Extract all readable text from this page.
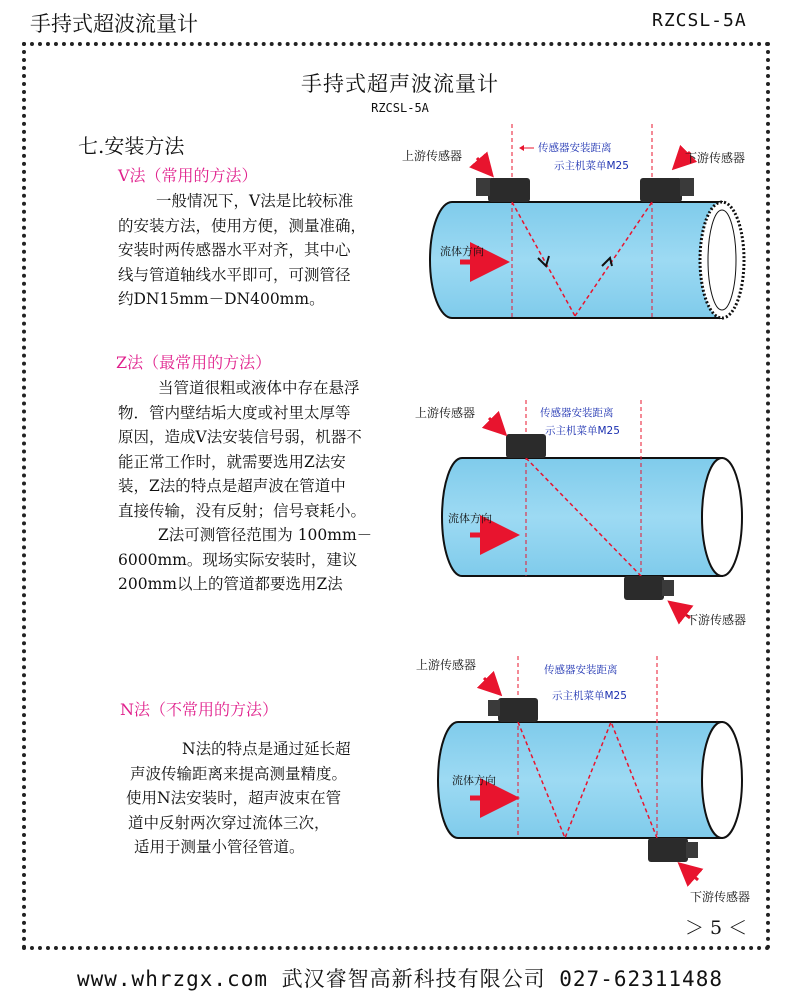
手持式超波流量计	RZCSL-5A
手持式超声波流量计
RZCSL-5A
七.安装方法
V法（常用的方法）
一般情况下，V法是比较标准
的安装方法，使用方便，测量准确，
安装时两传感器水平对齐，其中心
线与管道轴线水平即可，可测管径
约DN15mm－DN400mm。
Z法（最常用的方法）
当管道很粗或液体中存在悬浮
物．管内壁结垢大度或衬里太厚等
原因，造成V法安装信号弱，机器不
能正常工作时，就需要选用Z法安
装，Z法的特点是超声波在管道中
直接传输，没有反射；信号衰耗小。
Z法可测管径范围为 100mm－
6000mm。现场实际安装时，建议
200mm以上的管道都要选用Z法
N法（不常用的方法）
N法的特点是通过延长超
声波传输距离来提高测量精度。
使用N法安装时，超声波束在管
道中反射两次穿过流体三次，
适用于测量小管径管道。
上游传感器	下游传感器
传感器安装距离
示主机菜单M25
流体方向
上游传感器
下游传感器
传感器安装距离
示主机菜单M25
流体方向
上游传感器
下游传感器
传感器安装距离
示主机菜单M25
流体方向
＞ 5 ＜
www.whrzgx.com 武汉睿智高新科技有限公司 027-62311488
